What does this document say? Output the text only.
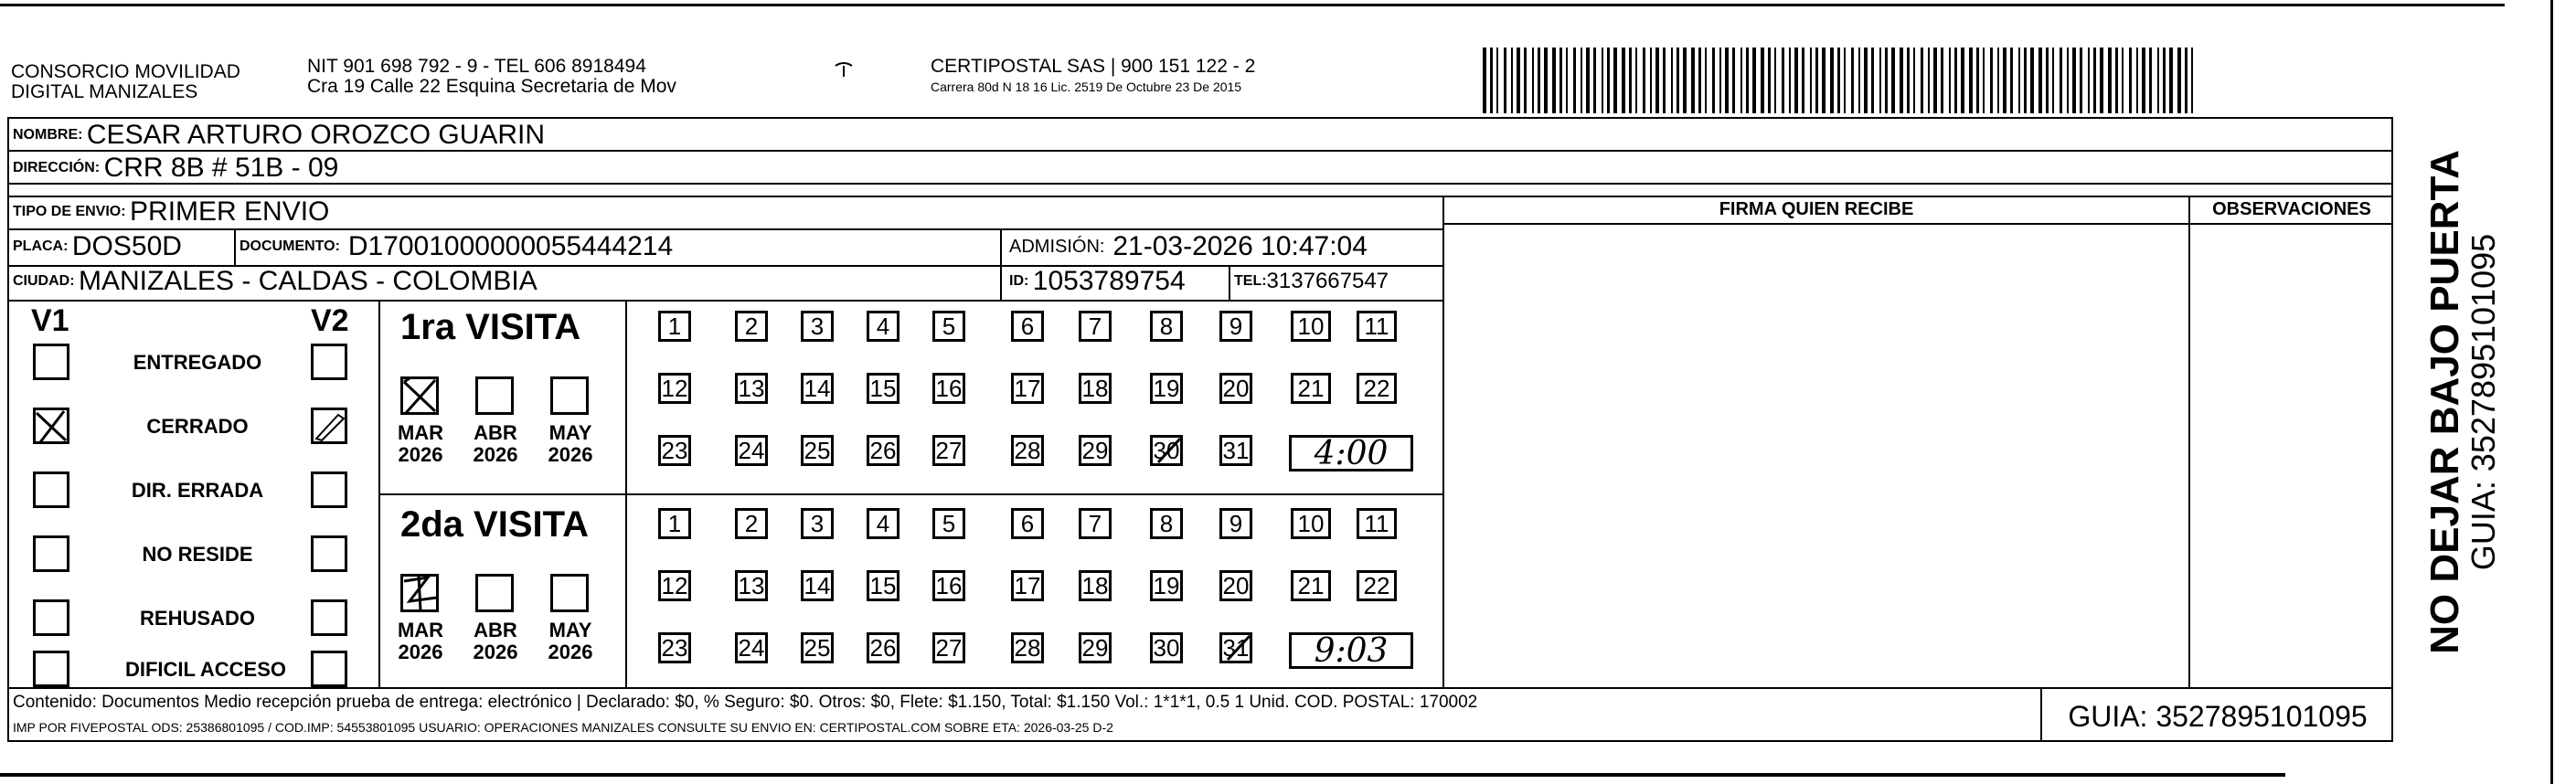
CONSORCIO MOVILIDAD
DIGITAL MANIZALES
NIT 901 698 792 - 9 - TEL 606 8918494
Cra 19 Calle 22 Esquina Secretaria de Mov
CERTIPOSTAL SAS | 900 151 122 - 2
Carrera 80d N 18 16 Lic. 2519 De Octubre 23 De 2015
NOMBRE:
CESAR ARTURO OROZCO GUARIN
DIRECCIÓN:
CRR 8B # 51B - 09
TIPO DE ENVIO:
PRIMER ENVIO
PLACA:
DOS50D	DOCUMENTO:
D17001000000055444214	ADMISIÓN:
21-03-2026 10:47:04
CIUDAD:
MANIZALES - CALDAS - COLOMBIA	ID:
1053789754	TEL: 3137667547
FIRMA QUIEN RECIBE	OBSERVACIONES
V1	V2
ENTREGADO
CERRADO
DIR. ERRADA
NO RESIDE
REHUSADO
DIFICIL ACCESO
1ra VISITA
2da VISITA
MAR
2026
ABR
2026
MAY
2026
MAR
2026
ABR
2026
MAY
2026
1	2	3	4	5	6	7	8	9	10	11
12 13 14 15 16 17 18 19 20 21 22
23 24 25 26 27 28 29 30 31	4:00
1	2	3	4	5	6	7	8	9	10	11
12 13 14 15 16 17 18 19 20 21 22
23 24 25 26 27 28 29 30 31	9:03
Contenido: Documentos Medio recepción prueba de entrega: electrónico | Declarado: $0, % Seguro: $0. Otros: $0, Flete: $1.150, Total: $1.150 Vol.: 1*1*1, 0.5 1 Unid. COD. POSTAL: 170002
IMP POR FIVEPOSTAL ODS: 25386801095 / COD.IMP: 54553801095 USUARIO: OPERACIONES MANIZALES CONSULTE SU ENVIO EN: CERTIPOSTAL.COM SOBRE ETA: 2026-03-25 D-2	GUIA: 3527895101095
NO DEJAR BAJO PUERTA
GUIA: 3527895101095
